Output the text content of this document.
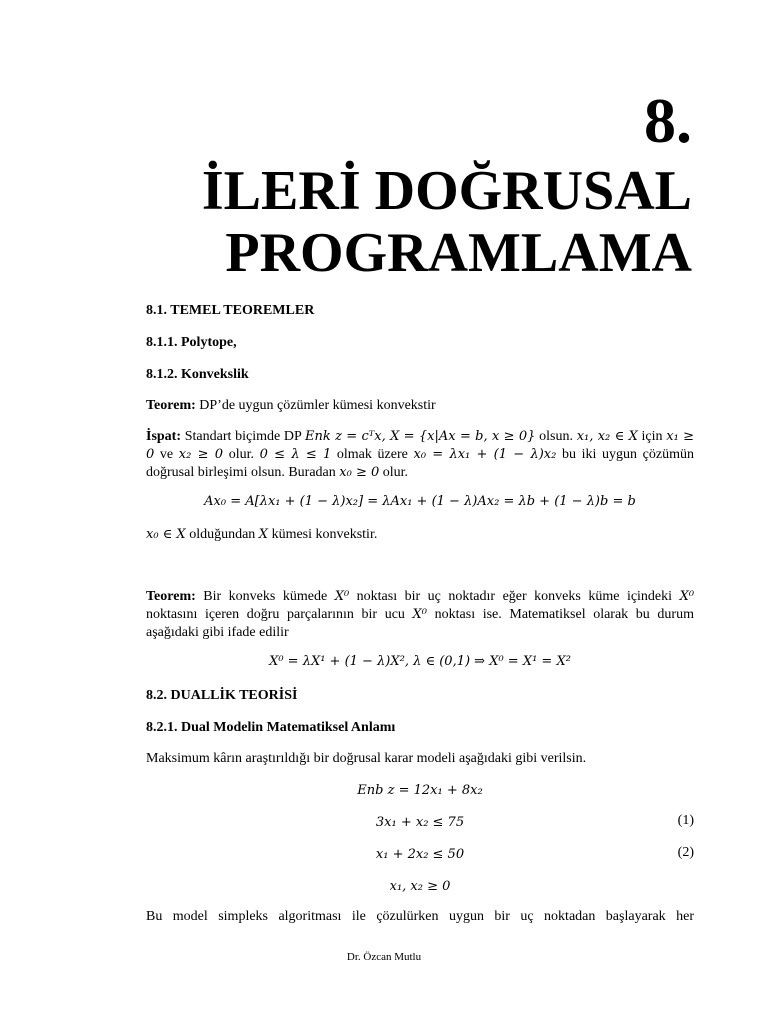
8.
İLERİ DOĞRUSAL
PROGRAMLAMA
8.1. TEMEL TEOREMLER
8.1.1. Polytope,
8.1.2. Konvekslik
Teorem: DP’de uygun çözümler kümesi konvekstir
İspat: Standart biçimde DP Enk z = cᵀx, X = {x|Ax = b, x ≥ 0} olsun. x₁, x₂ ∈ X için x₁ ≥ 0 ve x₂ ≥ 0 olur. 0 ≤ λ ≤ 1 olmak üzere x₀ = λx₁ + (1 − λ)x₂ bu iki uygun çözümün doğrusal birleşimi olsun. Buradan x₀ ≥ 0 olur.
Ax₀ = A[λx₁ + (1 − λ)x₂] = λAx₁ + (1 − λ)Ax₂ = λb + (1 − λ)b = b
x₀ ∈ X olduğundan X kümesi konvekstir.
Teorem: Bir konveks kümede X⁰ noktası bir uç noktadır eğer konveks küme içindeki X⁰ noktasını içeren doğru parçalarının bir ucu X⁰ noktası ise. Matematiksel olarak bu durum aşağıdaki gibi ifade edilir
X⁰ = λX¹ + (1 − λ)X², λ ∈ (0,1) ⇒ X⁰ = X¹ = X²
8.2. DUALLİK TEORİSİ
8.2.1. Dual Modelin Matematiksel Anlamı
Maksimum kârın araştırıldığı bir doğrusal karar modeli aşağıdaki gibi verilsin.
Enb z = 12x₁ + 8x₂
3x₁ + x₂ ≤ 75	(1)
x₁ + 2x₂ ≤ 50	(2)
x₁, x₂ ≥ 0
Bu model simpleks algoritması ile çözulürken uygun bir uç noktadan başlayarak her
Dr. Özcan Mutlu
